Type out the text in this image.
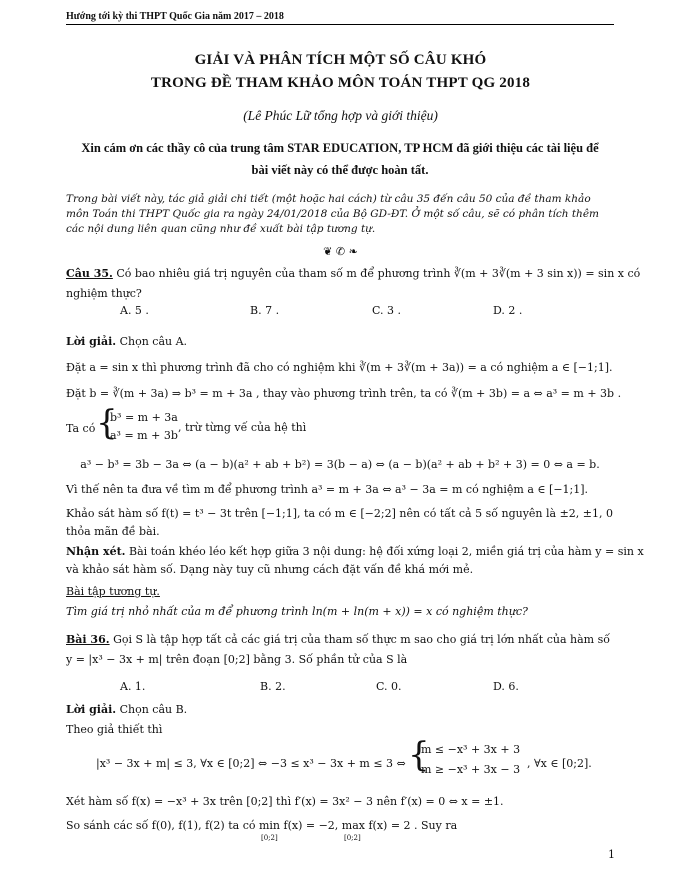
Hướng tới kỳ thi THPT Quốc Gia năm 2017 – 2018
GIẢI VÀ PHÂN TÍCH MỘT SỐ CÂU KHÓ
TRONG ĐỀ THAM KHẢO MÔN TOÁN THPT QG 2018
(Lê Phúc Lữ tổng hợp và giới thiệu)
Xin cám ơn các thầy cô của trung tâm STAR EDUCATION, TP HCM đã giới thiệu các tài liệu để
bài viết này có thể được hoàn tất.
Trong bài viết này, tác giả giải chi tiết (một hoặc hai cách) từ câu 35 đến câu 50 của đề tham khảo môn Toán thi THPT Quốc gia ra ngày 24/01/2018 của Bộ GD-ĐT. Ở một số câu, sẽ có phân tích thêm các nội dung liên quan cũng như đề xuất bài tập tương tự.
❦ ✆ ❧
Câu 35. Có bao nhiêu giá trị nguyên của tham số m để phương trình ∛(m + 3∛(m + 3 sin x)) = sin x có
nghiệm thực?
A. 5 .	B. 7 .	C. 3 .	D. 2 .
Lời giải. Chọn câu A.
Đặt a = sin x thì phương trình đã cho có nghiệm khi ∛(m + 3∛(m + 3a)) = a có nghiệm a ∈ [−1;1].
Đặt b = ∛(m + 3a) ⇒ b³ = m + 3a , thay vào phương trình trên, ta có ∛(m + 3b) = a ⇔ a³ = m + 3b .
Ta có {
b³ = m + 3a
a³ = m + 3b
, trừ từng vế của hệ thì
a³ − b³ = 3b − 3a ⇔ (a − b)(a² + ab + b²) = 3(b − a) ⇔ (a − b)(a² + ab + b² + 3) = 0 ⇔ a = b.
Vì thế nên ta đưa về tìm m để phương trình a³ = m + 3a ⇔ a³ − 3a = m có nghiệm a ∈ [−1;1].
Khảo sát hàm số f(t) = t³ − 3t trên [−1;1], ta có m ∈ [−2;2] nên có tất cả 5 số nguyên là ±2, ±1, 0
thỏa mãn đề bài.
Nhận xét. Bài toán khéo léo kết hợp giữa 3 nội dung: hệ đối xứng loại 2, miền giá trị của hàm y = sin x
và khảo sát hàm số. Dạng này tuy cũ nhưng cách đặt vấn đề khá mới mẻ.
Bài tập tương tự.
Tìm giá trị nhỏ nhất của m để phương trình ln(m + ln(m + x)) = x có nghiệm thực?
Bài 36. Gọi S là tập hợp tất cả các giá trị của tham số thực m sao cho giá trị lớn nhất của hàm số
y = |x³ − 3x + m| trên đoạn [0;2] bằng 3. Số phần tử của S là
A. 1.	B. 2.	C. 0.	D. 6.
Lời giải. Chọn câu B.
Theo giả thiết thì
|x³ − 3x + m| ≤ 3, ∀x ∈ [0;2] ⇔ −3 ≤ x³ − 3x + m ≤ 3 ⇔ {
m ≤ −x³ + 3x + 3
m ≥ −x³ + 3x − 3 , ∀x ∈ [0;2].
Xét hàm số f(x) = −x³ + 3x trên [0;2] thì f′(x) = 3x² − 3 nên f′(x) = 0 ⇔ x = ±1.
So sánh các số f(0), f(1), f(2) ta có min f(x) = −2, max f(x) = 2 . Suy ra
[0;2]	[0;2]
1
